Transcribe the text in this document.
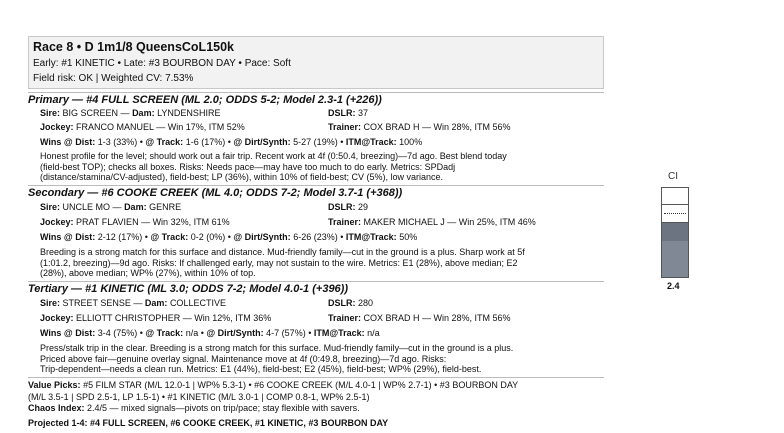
Race 8 • D 1m1/8 QueensCoL150k
Early: #1 KINETIC • Late: #3 BOURBON DAY • Pace: Soft
Field risk: OK | Weighted CV: 7.53%
Primary — #4 FULL SCREEN (ML 2.0; ODDS 5-2; Model 2.3-1 (+226))
Sire: BIG SCREEN — Dam: LYNDENSHIRE	DSLR: 37
Jockey: FRANCO MANUEL — Win 17%, ITM 52%	Trainer: COX BRAD H — Win 28%, ITM 56%
Wins @ Dist: 1-3 (33%) • @ Track: 1-6 (17%) • @ Dirt/Synth: 5-27 (19%) • ITM@Track: 100%
Honest profile for the level; should work out a fair trip. Recent work at 4f (0:50.4, breezing)—7d ago. Best blend today
(field-best TOP); checks all boxes. Risks: Needs pace—may have too much to do early. Metrics: SPDadj
(distance/stamina/CV-adjusted), field-best; LP (36%), within 10% of field-best; CV (5%), low variance.
Secondary — #6 COOKE CREEK (ML 4.0; ODDS 7-2; Model 3.7-1 (+368))
Sire: UNCLE MO — Dam: GENRE	DSLR: 29
Jockey: PRAT FLAVIEN — Win 32%, ITM 61%	Trainer: MAKER MICHAEL J — Win 25%, ITM 46%
Wins @ Dist: 2-12 (17%) • @ Track: 0-2 (0%) • @ Dirt/Synth: 6-26 (23%) • ITM@Track: 50%
Breeding is a strong match for this surface and distance. Mud-friendly family—cut in the ground is a plus. Sharp work at 5f
(1:01.2, breezing)—9d ago. Risks: If challenged early, may not sustain to the wire. Metrics: E1 (28%), above median; E2
(28%), above median; WP% (27%), within 10% of top.
Tertiary — #1 KINETIC (ML 3.0; ODDS 7-2; Model 4.0-1 (+396))
Sire: STREET SENSE — Dam: COLLECTIVE	DSLR: 280
Jockey: ELLIOTT CHRISTOPHER — Win 12%, ITM 36%	Trainer: COX BRAD H — Win 28%, ITM 56%
Wins @ Dist: 3-4 (75%) • @ Track: n/a • @ Dirt/Synth: 4-7 (57%) • ITM@Track: n/a
Press/stalk trip in the clear. Breeding is a strong match for this surface. Mud-friendly family—cut in the ground is a plus.
Priced above fair—genuine overlay signal. Maintenance move at 4f (0:49.8, breezing)—7d ago. Risks:
Trip-dependent—needs a clean run. Metrics: E1 (44%), field-best; E2 (45%), field-best; WP% (29%), field-best.
Value Picks: #5 FILM STAR (M/L 12.0-1 | WP% 5.3-1) • #6 COOKE CREEK (M/L 4.0-1 | WP% 2.7-1) • #3 BOURBON DAY
(M/L 3.5-1 | SPD 2.5-1, LP 1.5-1) • #1 KINETIC (M/L 3.0-1 | COMP 0.8-1, WP% 2.5-1)
Chaos Index: 2.4/5 — mixed signals—pivots on trip/pace; stay flexible with savers.
Projected 1-4: #4 FULL SCREEN, #6 COOKE CREEK, #1 KINETIC, #3 BOURBON DAY
CI
2.4
